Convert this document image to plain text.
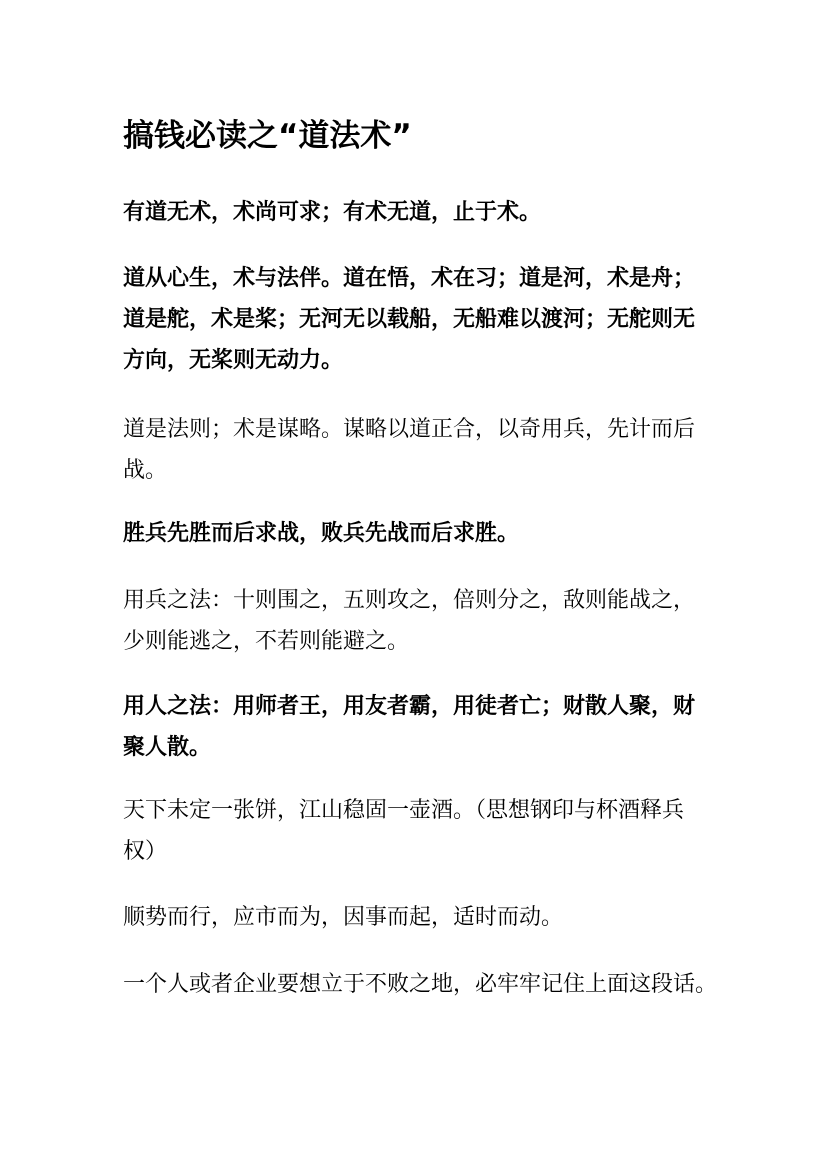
搞钱必读之“道法术”

有道无术，术尚可求；有术无道，止于术。

道从心生，术与法伴。道在悟，术在习；道是河，术是舟；道是舵，术是桨；无河无以载船，无船难以渡河；无舵则无方向，无桨则无动力。

道是法则；术是谋略。谋略以道正合，以奇用兵，先计而后战。

胜兵先胜而后求战，败兵先战而后求胜。

用兵之法：十则围之，五则攻之，倍则分之，敌则能战之，少则能逃之，不若则能避之。

用人之法：用师者王，用友者霸，用徒者亡；财散人聚，财聚人散。

天下未定一张饼，江山稳固一壶酒。（思想钢印与杯酒释兵权）

顺势而行，应市而为，因事而起，适时而动。

一个人或者企业要想立于不败之地，必牢牢记住上面这段话。
